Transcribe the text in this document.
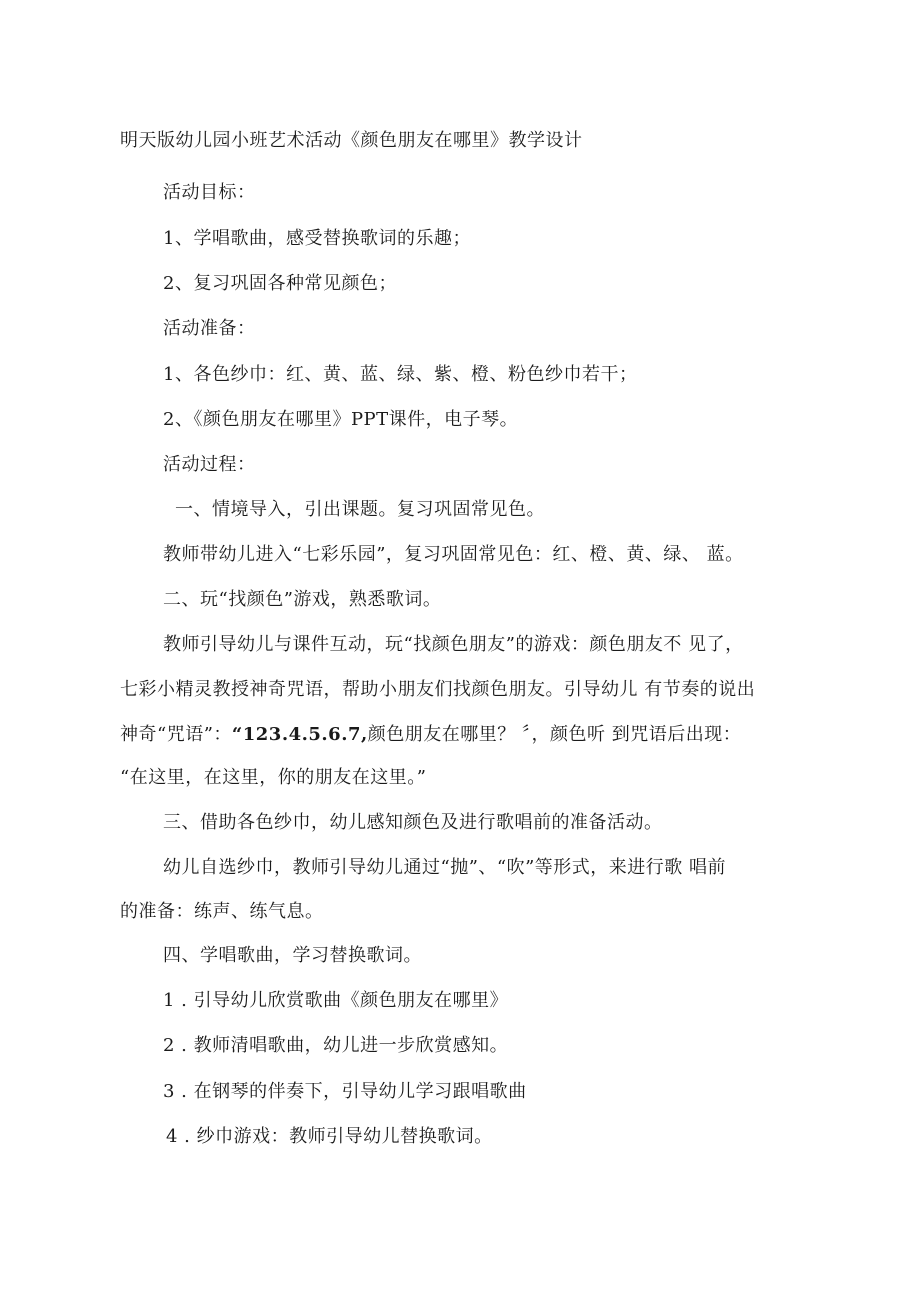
明天版幼儿园小班艺术活动《颜色朋友在哪里》教学设计
活动目标：
1、学唱歌曲，感受替换歌词的乐趣；
2、复习巩固各种常见颜色；
活动准备：
1、各色纱巾：红、黄、蓝、绿、紫、橙、粉色纱巾若干；
2、《颜色朋友在哪里》PPT课件，电子琴。
活动过程：
一、情境导入，引出课题。复习巩固常见色。
教师带幼儿进入“七彩乐园”，复习巩固常见色：红、橙、黄、绿、 蓝。
二、玩“找颜色”游戏，熟悉歌词。
教师引导幼儿与课件互动，玩“找颜色朋友”的游戏：颜色朋友不 见了，
七彩小精灵教授神奇咒语，帮助小朋友们找颜色朋友。引导幼儿 有节奏的说出
神奇“咒语”：“123.4.5.6.7,颜色朋友在哪里？ 〞，颜色听 到咒语后出现：
“在这里，在这里，你的朋友在这里。”
三、借助各色纱巾，幼儿感知颜色及进行歌唱前的准备活动。
幼儿自选纱巾，教师引导幼儿通过“抛”、“吹”等形式，来进行歌 唱前
的准备：练声、练气息。
四、学唱歌曲，学习替换歌词。
1 . 引导幼儿欣赏歌曲《颜色朋友在哪里》
2 . 教师清唱歌曲，幼儿进一步欣赏感知。
3 . 在钢琴的伴奏下，引导幼儿学习跟唱歌曲
4 . 纱巾游戏：教师引导幼儿替换歌词。
